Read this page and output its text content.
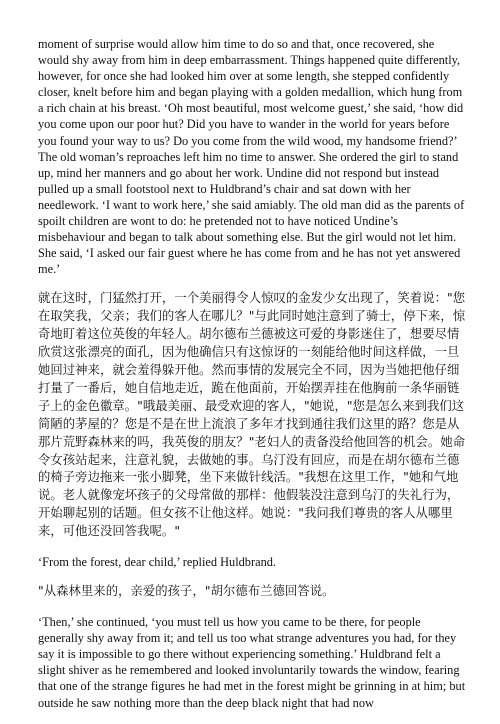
moment of surprise would allow him time to do so and that, once recovered, she would shy away from him in deep embarrassment. Things happened quite differently, however, for once she had looked him over at some length, she stepped confidently closer, knelt before him and began playing with a golden medallion, which hung from a rich chain at his breast. ‘Oh most beautiful, most welcome guest,’ she said, ‘how did you come upon our poor hut? Did you have to wander in the world for years before you found your way to us? Do you come from the wild wood, my handsome friend?’ The old woman’s reproaches left him no time to answer. She ordered the girl to stand up, mind her manners and go about her work. Undine did not respond but instead pulled up a small footstool next to Huldbrand’s chair and sat down with her needlework. ‘I want to work here,’ she said amiably. The old man did as the parents of spoilt children are wont to do: he pretended not to have noticed Undine’s misbehaviour and began to talk about something else. But the girl would not let him. She said, ‘I asked our fair guest where he has come from and he has not yet answered me.’

就在这时，门猛然打开，一个美丽得令人惊叹的金发少女出现了，笑着说："您在取笑我，父亲；我们的客人在哪儿？"与此同时她注意到了骑士，停下来，惊奇地盯着这位英俊的年轻人。胡尔德布兰德被这可爱的身影迷住了，想要尽情欣赏这张漂亮的面孔，因为他确信只有这惊讶的一刻能给他时间这样做，一旦她回过神来，就会羞得躲开他。然而事情的发展完全不同，因为当她把他仔细打量了一番后，她自信地走近，跪在他面前，开始摆弄挂在他胸前一条华丽链子上的金色徽章。"哦最美丽、最受欢迎的客人，"她说，"您是怎么来到我们这简陋的茅屋的？您是不是在世上流浪了多年才找到通往我们这里的路？您是从那片荒野森林来的吗，我英俊的朋友？"老妇人的责备没给他回答的机会。她命令女孩站起来，注意礼貌，去做她的事。乌汀没有回应，而是在胡尔德布兰德的椅子旁边拖来一张小脚凳，坐下来做针线活。"我想在这里工作，"她和气地说。老人就像宠坏孩子的父母常做的那样：他假装没注意到乌汀的失礼行为，开始聊起别的话题。但女孩不让他这样。她说："我问我们尊贵的客人从哪里来，可他还没回答我呢。"

‘From the forest, dear child,’ replied Huldbrand.

"从森林里来的，亲爱的孩子，"胡尔德布兰德回答说。

‘Then,’ she continued, ‘you must tell us how you came to be there, for people generally shy away from it; and tell us too what strange adventures you had, for they say it is impossible to go there without experiencing something.’ Huldbrand felt a slight shiver as he remembered and looked involuntarily towards the window, fearing that one of the strange figures he had met in the forest might be grinning in at him; but outside he saw nothing more than the deep black night that had now
